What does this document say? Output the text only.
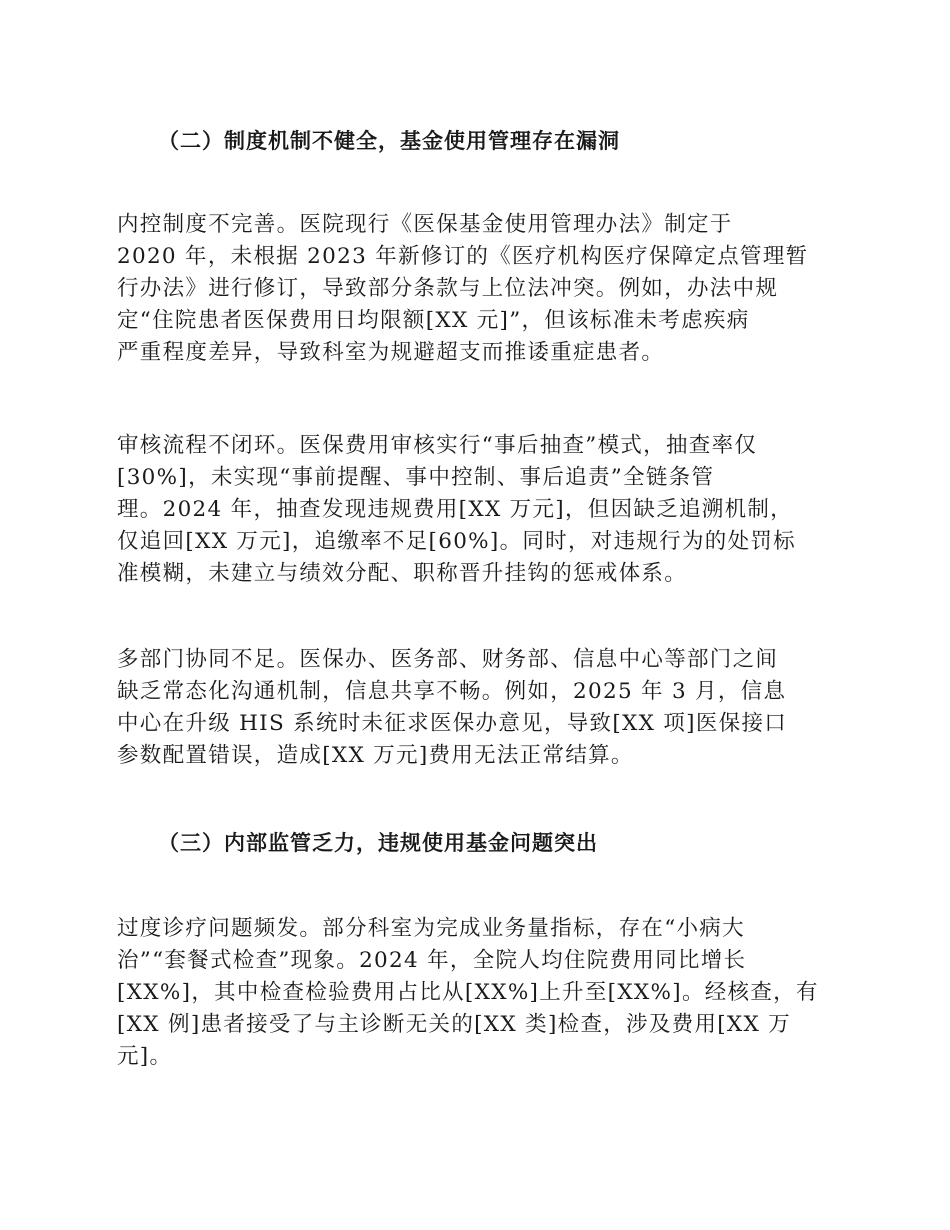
（二）制度机制不健全，基金使用管理存在漏洞
内控制度不完善。医院现行《医保基金使用管理办法》制定于
2020 年，未根据 2023 年新修订的《医疗机构医疗保障定点管理暂
行办法》进行修订，导致部分条款与上位法冲突。例如，办法中规
定“住院患者医保费用日均限额[XX 元]”，但该标准未考虑疾病
严重程度差异，导致科室为规避超支而推诿重症患者。
审核流程不闭环。医保费用审核实行“事后抽查”模式，抽查率仅
[30%]，未实现“事前提醒、事中控制、事后追责”全链条管
理。2024 年，抽查发现违规费用[XX 万元]，但因缺乏追溯机制，
仅追回[XX 万元]，追缴率不足[60%]。同时，对违规行为的处罚标
准模糊，未建立与绩效分配、职称晋升挂钩的惩戒体系。
多部门协同不足。医保办、医务部、财务部、信息中心等部门之间
缺乏常态化沟通机制，信息共享不畅。例如，2025 年 3 月，信息
中心在升级 HIS 系统时未征求医保办意见，导致[XX 项]医保接口
参数配置错误，造成[XX 万元]费用无法正常结算。
（三）内部监管乏力，违规使用基金问题突出
过度诊疗问题频发。部分科室为完成业务量指标，存在“小病大
治”“套餐式检查”现象。2024 年，全院人均住院费用同比增长
[XX%]，其中检查检验费用占比从[XX%]上升至[XX%]。经核查，有
[XX 例]患者接受了与主诊断无关的[XX 类]检查，涉及费用[XX 万
元]。
